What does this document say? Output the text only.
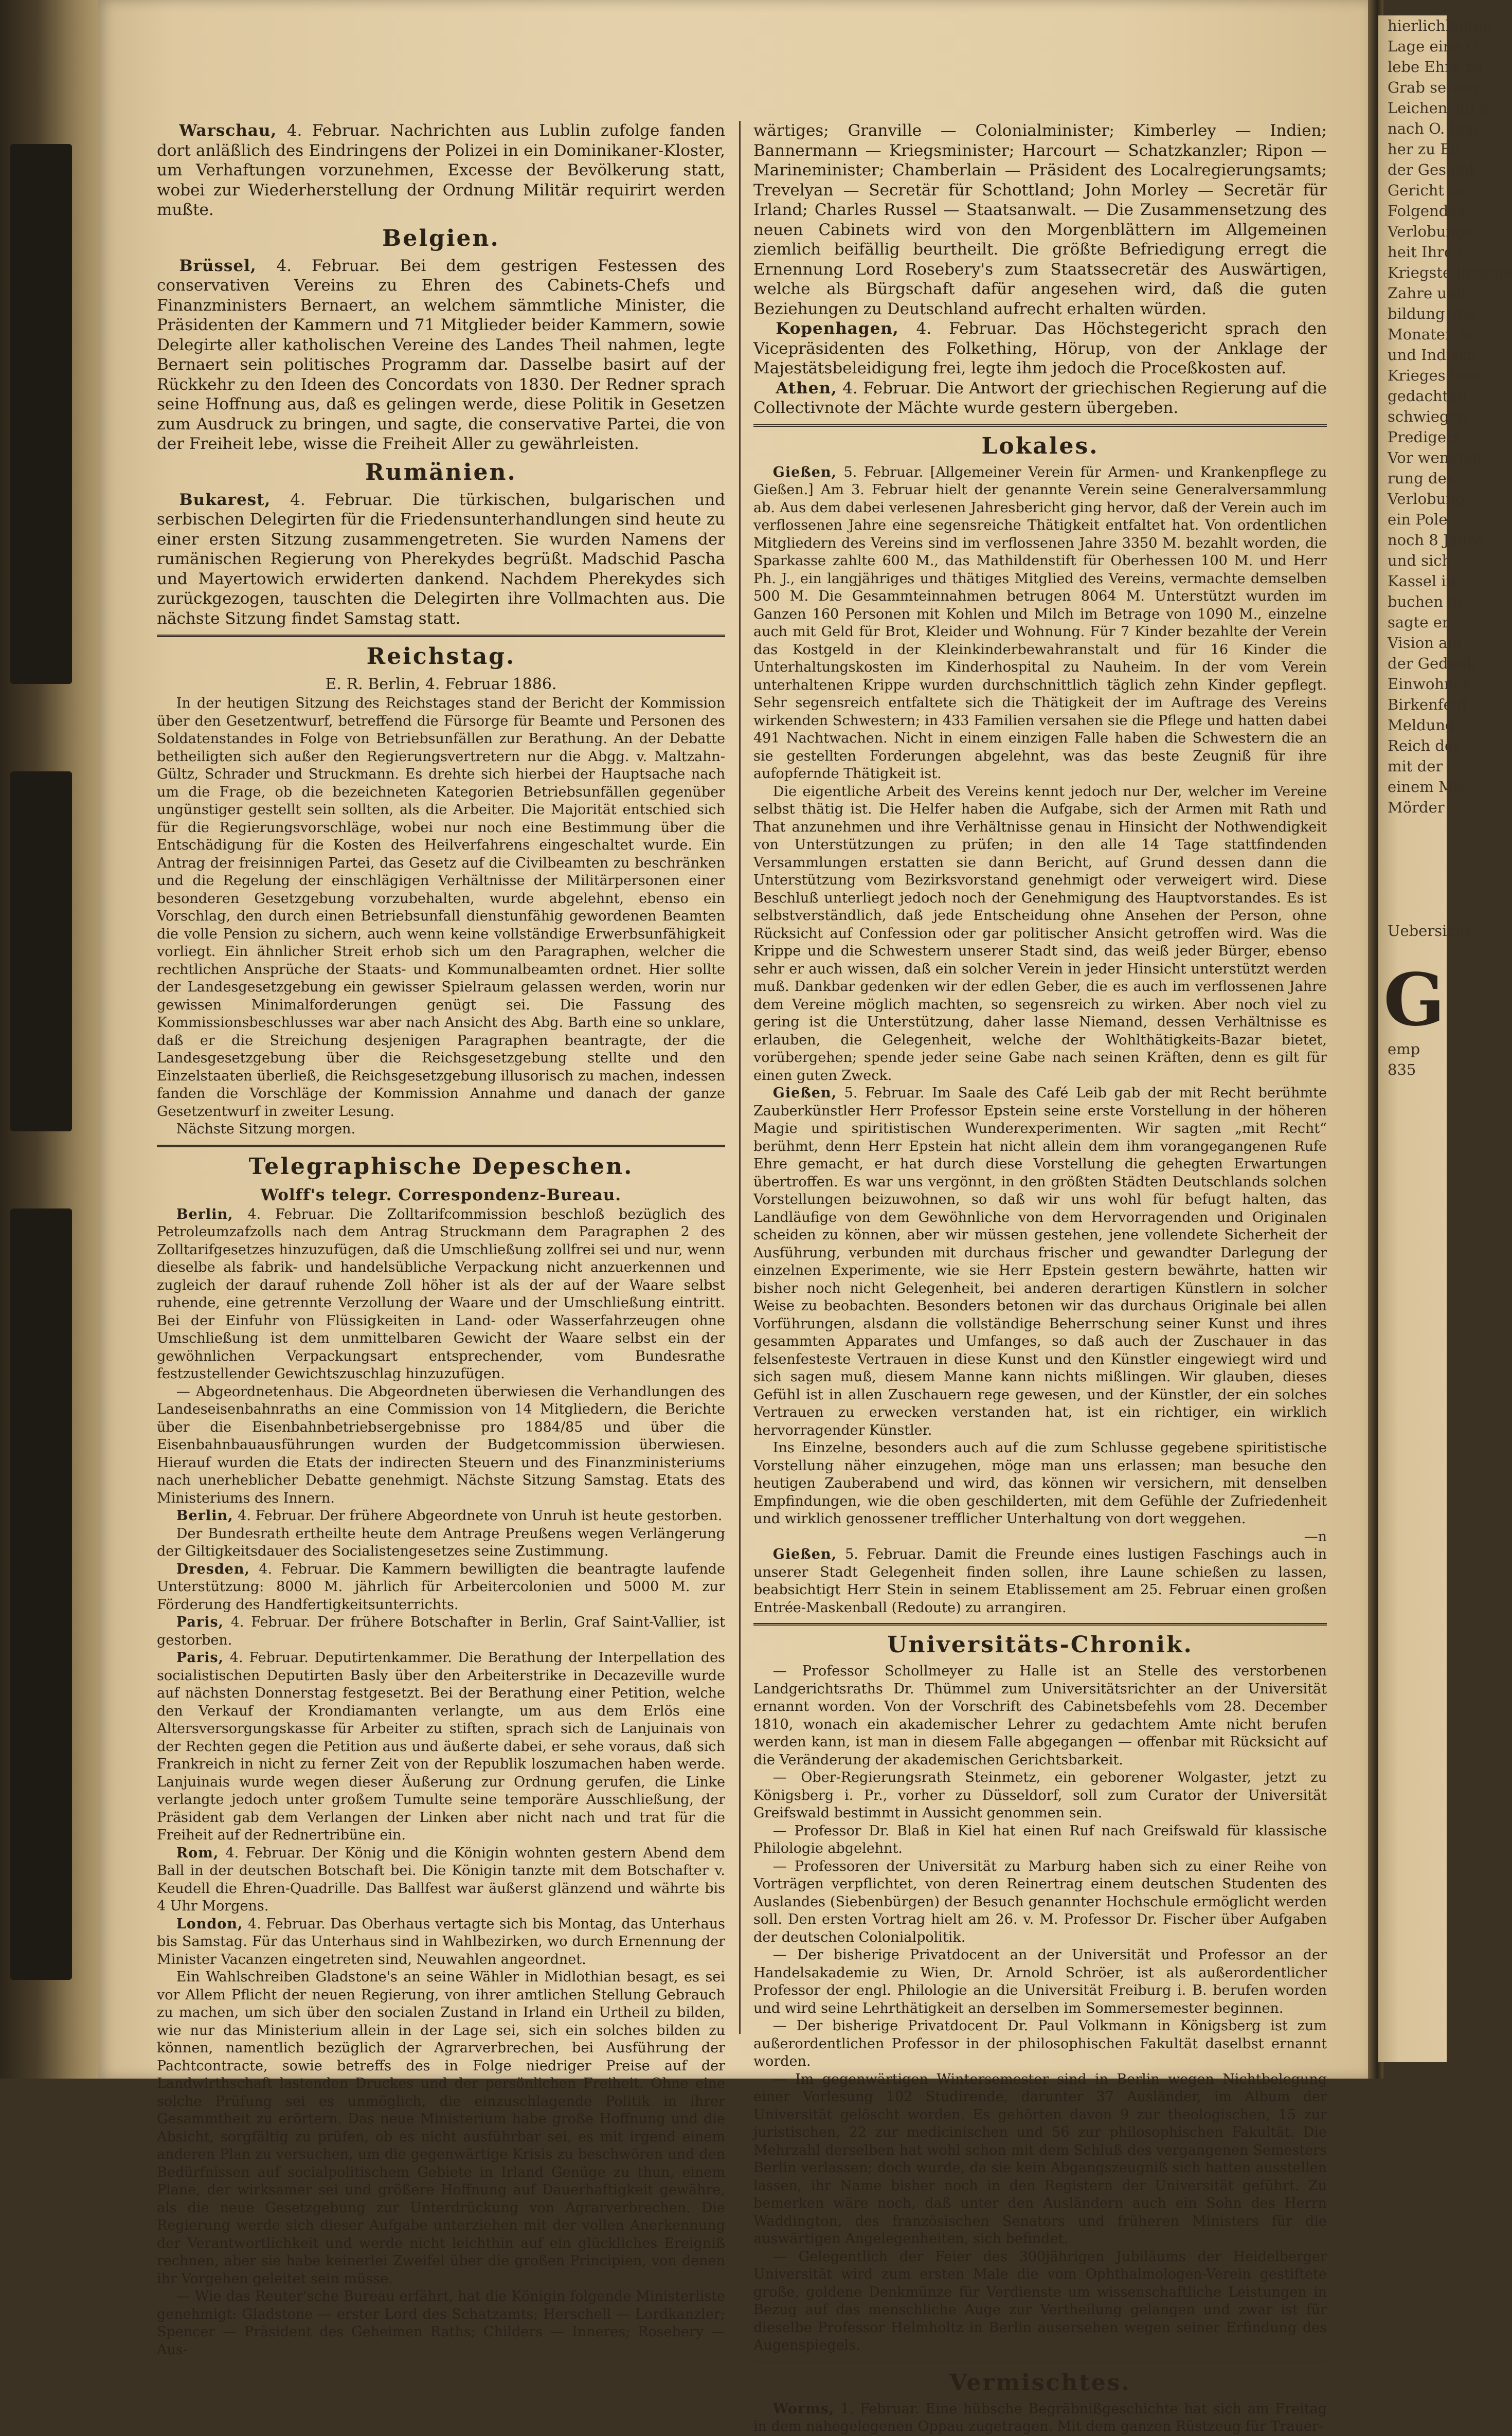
hierlichkeiten
Lage eine G
lebe Ehre zu
Grab setzen
Leichenzug b
nach O. lich
her zu Eh
der Gesichk
Gericht zu
Folgendes
Verlobungs
heit Ihre C
Kriegsteilnehme
Zahre und
bildung von
Monaten in
und Indisch
Krieges bew
gedachten
schwiegen
Predigers
Vor wenigen
rung des
Verlobung
ein Pole,
noch 8 Jahre
und sich
Kassel in
buchen di
sagte er
Vision am
der Gedank
Einwohner
Birkenfeld
Meldung
Reich der
mit der
einem Me
Mörder
Uebersicht
G
emp
835

Warschau, 4. Februar. Nachrichten aus Lublin zufolge fanden dort anläßlich des Eindringens der Polizei in ein Dominikaner-Kloster, um Verhaftungen vorzunehmen, Excesse der Bevölkerung statt, wobei zur Wiederherstellung der Ordnung Militär requirirt werden mußte.

Belgien.

Brüssel, 4. Februar. Bei dem gestrigen Festessen des conservativen Vereins zu Ehren des Cabinets-Chefs und Finanzministers Bernaert, an welchem sämmtliche Minister, die Präsidenten der Kammern und 71 Mitglieder beider Kammern, sowie Delegirte aller katholischen Vereine des Landes Theil nahmen, legte Bernaert sein politisches Programm dar. Dasselbe basirt auf der Rückkehr zu den Ideen des Concordats von 1830. Der Redner sprach seine Hoffnung aus, daß es gelingen werde, diese Politik in Gesetzen zum Ausdruck zu bringen, und sagte, die conservative Partei, die von der Freiheit lebe, wisse die Freiheit Aller zu gewährleisten.

Rumänien.

Bukarest, 4. Februar. Die türkischen, bulgarischen und serbischen Delegirten für die Friedensunterhandlungen sind heute zu einer ersten Sitzung zusammengetreten. Sie wurden Namens der rumänischen Regierung von Pherekydes begrüßt. Madschid Pascha und Mayertowich erwiderten dankend. Nachdem Pherekydes sich zurückgezogen, tauschten die Delegirten ihre Vollmachten aus. Die nächste Sitzung findet Samstag statt.

Reichstag.
E. R. Berlin, 4. Februar 1886.

In der heutigen Sitzung des Reichstages stand der Bericht der Kommission über den Gesetzentwurf, betreffend die Fürsorge für Beamte und Personen des Soldatenstandes in Folge von Betriebsunfällen zur Berathung. An der Debatte betheiligten sich außer den Regierungsvertretern nur die Abgg. v. Maltzahn-Gültz, Schrader und Struckmann. Es drehte sich hierbei der Hauptsache nach um die Frage, ob die bezeichneten Kategorien Betriebsunfällen gegenüber ungünstiger gestellt sein sollten, als die Arbeiter. Die Majorität entschied sich für die Regierungsvorschläge, wobei nur noch eine Bestimmung über die Entschädigung für die Kosten des Heilverfahrens eingeschaltet wurde. Ein Antrag der freisinnigen Partei, das Gesetz auf die Civilbeamten zu beschränken und die Regelung der einschlägigen Verhältnisse der Militärpersonen einer besonderen Gesetzgebung vorzubehalten, wurde abgelehnt, ebenso ein Vorschlag, den durch einen Betriebsunfall dienstunfähig gewordenen Beamten die volle Pension zu sichern, auch wenn keine vollständige Erwerbsunfähigkeit vorliegt. Ein ähnlicher Streit erhob sich um den Paragraphen, welcher die rechtlichen Ansprüche der Staats- und Kommunalbeamten ordnet. Hier sollte der Landesgesetzgebung ein gewisser Spielraum gelassen werden, worin nur gewissen Minimalforderungen genügt sei. Die Fassung des Kommissionsbeschlusses war aber nach Ansicht des Abg. Barth eine so unklare, daß er die Streichung desjenigen Paragraphen beantragte, der die Landesgesetzgebung über die Reichsgesetzgebung stellte und den Einzelstaaten überließ, die Reichsgesetzgebung illusorisch zu machen, indessen fanden die Vorschläge der Kommission Annahme und danach der ganze Gesetzentwurf in zweiter Lesung.

Nächste Sitzung morgen.

Telegraphische Depeschen.
Wolff's telegr. Correspondenz-Bureau.

Berlin, 4. Februar. Die Zolltarifcommission beschloß bezüglich des Petroleumzafzolls nach dem Antrag Struckmann dem Paragraphen 2 des Zolltarifgesetzes hinzuzufügen, daß die Umschließung zollfrei sei und nur, wenn dieselbe als fabrik- und handelsübliche Verpackung nicht anzuerkennen und zugleich der darauf ruhende Zoll höher ist als der auf der Waare selbst ruhende, eine getrennte Verzollung der Waare und der Umschließung eintritt. Bei der Einfuhr von Flüssigkeiten in Land- oder Wasserfahrzeugen ohne Umschließung ist dem unmittelbaren Gewicht der Waare selbst ein der gewöhnlichen Verpackungsart entsprechender, vom Bundesrathe festzustellender Gewichtszuschlag hinzuzufügen.

— Abgeordnetenhaus. Die Abgeordneten überwiesen die Verhandlungen des Landeseisenbahnraths an eine Commission von 14 Mitgliedern, die Berichte über die Eisenbahnbetriebsergebnisse pro 1884/85 und über die Eisenbahnbauausführungen wurden der Budgetcommission überwiesen. Hierauf wurden die Etats der indirecten Steuern und des Finanzministeriums nach unerheblicher Debatte genehmigt. Nächste Sitzung Samstag. Etats des Ministeriums des Innern.

Berlin, 4. Februar. Der frühere Abgeordnete von Unruh ist heute gestorben.

Der Bundesrath ertheilte heute dem Antrage Preußens wegen Verlängerung der Giltigkeitsdauer des Socialistengesetzes seine Zustimmung.

Dresden, 4. Februar. Die Kammern bewilligten die beantragte laufende Unterstützung: 8000 M. jährlich für Arbeitercolonien und 5000 M. zur Förderung des Handfertigkeitsunterrichts.

Paris, 4. Februar. Der frühere Botschafter in Berlin, Graf Saint-Vallier, ist gestorben.

Paris, 4. Februar. Deputirtenkammer. Die Berathung der Interpellation des socialistischen Deputirten Basly über den Arbeiterstrike in Decazeville wurde auf nächsten Donnerstag festgesetzt. Bei der Berathung einer Petition, welche den Verkauf der Krondiamanten verlangte, um aus dem Erlös eine Altersversorgungskasse für Arbeiter zu stiften, sprach sich de Lanjuinais von der Rechten gegen die Petition aus und äußerte dabei, er sehe voraus, daß sich Frankreich in nicht zu ferner Zeit von der Republik loszumachen haben werde. Lanjuinais wurde wegen dieser Äußerung zur Ordnung gerufen, die Linke verlangte jedoch unter großem Tumulte seine temporäre Ausschließung, der Präsident gab dem Verlangen der Linken aber nicht nach und trat für die Freiheit auf der Rednertribüne ein.

Rom, 4. Februar. Der König und die Königin wohnten gestern Abend dem Ball in der deutschen Botschaft bei. Die Königin tanzte mit dem Botschafter v. Keudell die Ehren-Quadrille. Das Ballfest war äußerst glänzend und währte bis 4 Uhr Morgens.

London, 4. Februar. Das Oberhaus vertagte sich bis Montag, das Unterhaus bis Samstag. Für das Unterhaus sind in Wahlbezirken, wo durch Ernennung der Minister Vacanzen eingetreten sind, Neuwahlen angeordnet.

Ein Wahlschreiben Gladstone's an seine Wähler in Midlothian besagt, es sei vor Allem Pflicht der neuen Regierung, von ihrer amtlichen Stellung Gebrauch zu machen, um sich über den socialen Zustand in Irland ein Urtheil zu bilden, wie nur das Ministerium allein in der Lage sei, sich ein solches bilden zu können, namentlich bezüglich der Agrarverbrechen, bei Ausführung der Pachtcontracte, sowie betreffs des in Folge niedriger Preise auf der Landwirthschaft lastenden Druckes und der persönlichen Freiheit. Ohne eine solche Prüfung sei es unmöglich, die einzuschlagende Politik in ihrer Gesammtheit zu erörtern. Das neue Ministerium habe große Hoffnung und die Absicht, sorgfältig zu prüfen, ob es nicht ausführbar sei, es mit irgend einem anderen Plan zu versuchen, um die gegenwärtige Krisis zu beschwören und den Bedürfnissen auf socialpolitischem Gebiete in Irland Genüge zu thun, einem Plane, der wirksamer sei und größere Hoffnung auf Dauerhaftigkeit gewähre, als die neue Gesetzgebung zur Unterdrückung von Agrarverbrechen. Die Regierung werde sich dieser Aufgabe unterziehen mit der vollen Anerkennung der Verantwortlichkeit und werde nicht leichthin auf ein glückliches Ereigniß rechnen, aber sie habe keinerlei Zweifel über die großen Principien, von denen ihr Vorgehen geleitet sein müsse.

— Wie das Reuter'sche Bureau erfährt, hat die Königin folgende Ministerliste genehmigt: Gladstone — erster Lord des Schatzamts; Herschell — Lordkanzler; Spencer — Präsident des Geheimen Raths; Childers — Inneres; Rosebery — Aus-

wärtiges; Granville — Colonialminister; Kimberley — Indien; Bannermann — Kriegsminister; Harcourt — Schatzkanzler; Ripon — Marineminister; Chamberlain — Präsident des Localregierungsamts; Trevelyan — Secretär für Schottland; John Morley — Secretär für Irland; Charles Russel — Staatsanwalt. — Die Zusammensetzung des neuen Cabinets wird von den Morgenblättern im Allgemeinen ziemlich beifällig beurtheilt. Die größte Befriedigung erregt die Ernennung Lord Rosebery's zum Staatssecretär des Auswärtigen, welche als Bürgschaft dafür angesehen wird, daß die guten Beziehungen zu Deutschland aufrecht erhalten würden.

Kopenhagen, 4. Februar. Das Höchstegericht sprach den Vicepräsidenten des Folkething, Hörup, von der Anklage der Majestätsbeleidigung frei, legte ihm jedoch die Proceßkosten auf.

Athen, 4. Februar. Die Antwort der griechischen Regierung auf die Collectivnote der Mächte wurde gestern übergeben.

Lokales.

Gießen, 5. Februar. [Allgemeiner Verein für Armen- und Krankenpflege zu Gießen.] Am 3. Februar hielt der genannte Verein seine Generalversammlung ab. Aus dem dabei verlesenen Jahresbericht ging hervor, daß der Verein auch im verflossenen Jahre eine segensreiche Thätigkeit entfaltet hat. Von ordentlichen Mitgliedern des Vereins sind im verflossenen Jahre 3350 M. bezahlt worden, die Sparkasse zahlte 600 M., das Mathildenstift für Oberhessen 100 M. und Herr Ph. J., ein langjähriges und thätiges Mitglied des Vereins, vermachte demselben 500 M. Die Gesammteinnahmen betrugen 8064 M. Unterstützt wurden im Ganzen 160 Personen mit Kohlen und Milch im Betrage von 1090 M., einzelne auch mit Geld für Brot, Kleider und Wohnung. Für 7 Kinder bezahlte der Verein das Kostgeld in der Kleinkinderbewahranstalt und für 16 Kinder die Unterhaltungskosten im Kinderhospital zu Nauheim. In der vom Verein unterhaltenen Krippe wurden durchschnittlich täglich zehn Kinder gepflegt. Sehr segensreich entfaltete sich die Thätigkeit der im Auftrage des Vereins wirkenden Schwestern; in 433 Familien versahen sie die Pflege und hatten dabei 491 Nachtwachen. Nicht in einem einzigen Falle haben die Schwestern die an sie gestellten Forderungen abgelehnt, was das beste Zeugniß für ihre aufopfernde Thätigkeit ist.

Die eigentliche Arbeit des Vereins kennt jedoch nur Der, welcher im Vereine selbst thätig ist. Die Helfer haben die Aufgabe, sich der Armen mit Rath und That anzunehmen und ihre Verhältnisse genau in Hinsicht der Nothwendigkeit von Unterstützungen zu prüfen; in den alle 14 Tage stattfindenden Versammlungen erstatten sie dann Bericht, auf Grund dessen dann die Unterstützung vom Bezirksvorstand genehmigt oder verweigert wird. Diese Beschluß unterliegt jedoch noch der Genehmigung des Hauptvorstandes. Es ist selbstverständlich, daß jede Entscheidung ohne Ansehen der Person, ohne Rücksicht auf Confession oder gar politischer Ansicht getroffen wird. Was die Krippe und die Schwestern unserer Stadt sind, das weiß jeder Bürger, ebenso sehr er auch wissen, daß ein solcher Verein in jeder Hinsicht unterstützt werden muß. Dankbar gedenken wir der edlen Geber, die es auch im verflossenen Jahre dem Vereine möglich machten, so segensreich zu wirken. Aber noch viel zu gering ist die Unterstützung, daher lasse Niemand, dessen Verhältnisse es erlauben, die Gelegenheit, welche der Wohlthätigkeits-Bazar bietet, vorübergehen; spende jeder seine Gabe nach seinen Kräften, denn es gilt für einen guten Zweck.

Gießen, 5. Februar. Im Saale des Café Leib gab der mit Recht berühmte Zauberkünstler Herr Professor Epstein seine erste Vorstellung in der höheren Magie und spiritistischen Wunderexperimenten. Wir sagten „mit Recht“ berühmt, denn Herr Epstein hat nicht allein dem ihm vorangegangenen Rufe Ehre gemacht, er hat durch diese Vorstellung die gehegten Erwartungen übertroffen. Es war uns vergönnt, in den größten Städten Deutschlands solchen Vorstellungen beizuwohnen, so daß wir uns wohl für befugt halten, das Landläufige von dem Gewöhnliche von dem Hervorragenden und Originalen scheiden zu können, aber wir müssen gestehen, jene vollendete Sicherheit der Ausführung, verbunden mit durchaus frischer und gewandter Darlegung der einzelnen Experimente, wie sie Herr Epstein gestern bewährte, hatten wir bisher noch nicht Gelegenheit, bei anderen derartigen Künstlern in solcher Weise zu beobachten. Besonders betonen wir das durchaus Originale bei allen Vorführungen, alsdann die vollständige Beherrschung seiner Kunst und ihres gesammten Apparates und Umfanges, so daß auch der Zuschauer in das felsenfesteste Vertrauen in diese Kunst und den Künstler eingewiegt wird und sich sagen muß, diesem Manne kann nichts mißlingen. Wir glauben, dieses Gefühl ist in allen Zuschauern rege gewesen, und der Künstler, der ein solches Vertrauen zu erwecken verstanden hat, ist ein richtiger, ein wirklich hervorragender Künstler.

Ins Einzelne, besonders auch auf die zum Schlusse gegebene spiritistische Vorstellung näher einzugehen, möge man uns erlassen; man besuche den heutigen Zauberabend und wird, das können wir versichern, mit denselben Empfindungen, wie die oben geschilderten, mit dem Gefühle der Zufriedenheit und wirklich genossener trefflicher Unterhaltung von dort weggehen.

—n

Gießen, 5. Februar. Damit die Freunde eines lustigen Faschings auch in unserer Stadt Gelegenheit finden sollen, ihre Laune schießen zu lassen, beabsichtigt Herr Stein in seinem Etablissement am 25. Februar einen großen Entrée-Maskenball (Redoute) zu arrangiren.

Universitäts-Chronik.

— Professor Schollmeyer zu Halle ist an Stelle des verstorbenen Landgerichtsraths Dr. Thümmel zum Universitätsrichter an der Universität ernannt worden. Von der Vorschrift des Cabinetsbefehls vom 28. December 1810, wonach ein akademischer Lehrer zu gedachtem Amte nicht berufen werden kann, ist man in diesem Falle abgegangen — offenbar mit Rücksicht auf die Veränderung der akademischen Gerichtsbarkeit.

— Ober-Regierungsrath Steinmetz, ein geborener Wolgaster, jetzt zu Königsberg i. Pr., vorher zu Düsseldorf, soll zum Curator der Universität Greifswald bestimmt in Aussicht genommen sein.

— Professor Dr. Blaß in Kiel hat einen Ruf nach Greifswald für klassische Philologie abgelehnt.

— Professoren der Universität zu Marburg haben sich zu einer Reihe von Vorträgen verpflichtet, von deren Reinertrag einem deutschen Studenten des Auslandes (Siebenbürgen) der Besuch genannter Hochschule ermöglicht werden soll. Den ersten Vortrag hielt am 26. v. M. Professor Dr. Fischer über Aufgaben der deutschen Colonialpolitik.

— Der bisherige Privatdocent an der Universität und Professor an der Handelsakademie zu Wien, Dr. Arnold Schröer, ist als außerordentlicher Professor der engl. Philologie an die Universität Freiburg i. B. berufen worden und wird seine Lehrthätigkeit an derselben im Sommersemester beginnen.

— Der bisherige Privatdocent Dr. Paul Volkmann in Königsberg ist zum außerordentlichen Professor in der philosophischen Fakultät daselbst ernannt worden.

— Im gegenwärtigen Wintersemester sind in Berlin wegen Nichtbelegung einer Vorlesung 102 Studirende, darunter 37 Ausländer, im Album der Universität gelöscht worden. Es gehörten davon 9 zur theologischen, 15 zur juristischen, 22 zur medicinischen und 56 zur philosophischen Fakultät. Die Mehrzahl derselben hat wohl schon mit dem Schluß des vergangenen Semesters Berlin verlassen; doch wurde, da sie kein Abgangszeugniß sich hatten ausstellen lassen, ihr Name bisher noch in den Registern der Universität geführt. Zu bemerken wäre noch, daß unter den Ausländern auch ein Sohn des Herrn Waddington, des französischen Senators und früheren Ministers für die auswärtigen Angelegenheiten, sich befindet.

— Gelegentlich der Feier des 300jährigen Jubiläums der Heidelberger Universität wird zum ersten Male die vom Ophthalmologen-Verein gestiftete große, goldene Denkmünze für Verdienste um wissenschaftliche Leistungen in Bezug auf das menschliche Auge zur Vertheilung gelangen und zwar ist für dieselbe Professor Helmholtz in Berlin ausersehen wegen seiner Erfindung des Augenspiegels.

Vermischtes.

Worms, 1. Februar. Eine hübsche Begräbnißgeschichte hat sich am Freitag in dem nahegelegenen Oppau zugetragen. Mit dem ganzen Rüstzeug für Trauer-
